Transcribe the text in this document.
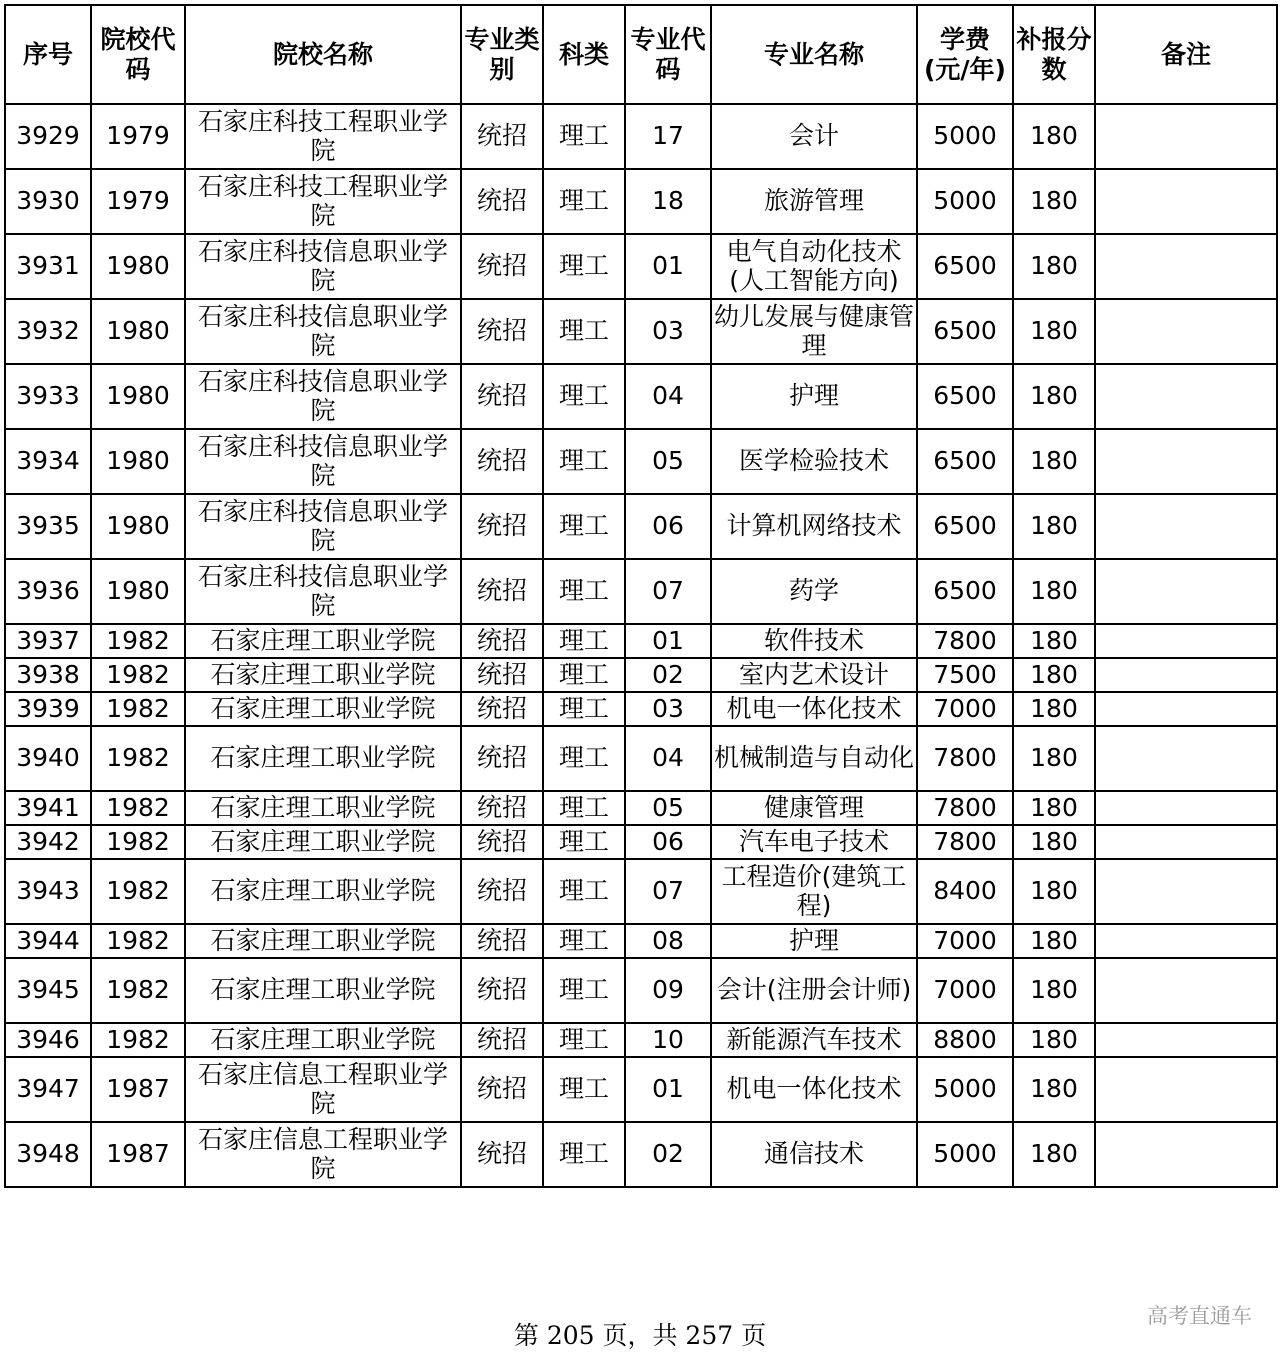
序号	院校代码	院校名称	专业类别	科类	专业代码	专业名称	学费(元/年)	补报分数	备注
3929	1979	石家庄科技工程职业学院	统招	理工	17	会计	5000	180	
3930	1979	石家庄科技工程职业学院	统招	理工	18	旅游管理	5000	180	
3931	1980	石家庄科技信息职业学院	统招	理工	01	电气自动化技术(人工智能方向)	6500	180	
3932	1980	石家庄科技信息职业学院	统招	理工	03	幼儿发展与健康管理	6500	180	
3933	1980	石家庄科技信息职业学院	统招	理工	04	护理	6500	180	
3934	1980	石家庄科技信息职业学院	统招	理工	05	医学检验技术	6500	180	
3935	1980	石家庄科技信息职业学院	统招	理工	06	计算机网络技术	6500	180	
3936	1980	石家庄科技信息职业学院	统招	理工	07	药学	6500	180	
3937	1982	石家庄理工职业学院	统招	理工	01	软件技术	7800	180	
3938	1982	石家庄理工职业学院	统招	理工	02	室内艺术设计	7500	180	
3939	1982	石家庄理工职业学院	统招	理工	03	机电一体化技术	7000	180	
3940	1982	石家庄理工职业学院	统招	理工	04	机械制造与自动化	7800	180	
3941	1982	石家庄理工职业学院	统招	理工	05	健康管理	7800	180	
3942	1982	石家庄理工职业学院	统招	理工	06	汽车电子技术	7800	180	
3943	1982	石家庄理工职业学院	统招	理工	07	工程造价(建筑工程)	8400	180	
3944	1982	石家庄理工职业学院	统招	理工	08	护理	7000	180	
3945	1982	石家庄理工职业学院	统招	理工	09	会计(注册会计师)	7000	180	
3946	1982	石家庄理工职业学院	统招	理工	10	新能源汽车技术	8800	180	
3947	1987	石家庄信息工程职业学院	统招	理工	01	机电一体化技术	5000	180	
3948	1987	石家庄信息工程职业学院	统招	理工	02	通信技术	5000	180	
第 205 页，共 257 页
高考直通车
